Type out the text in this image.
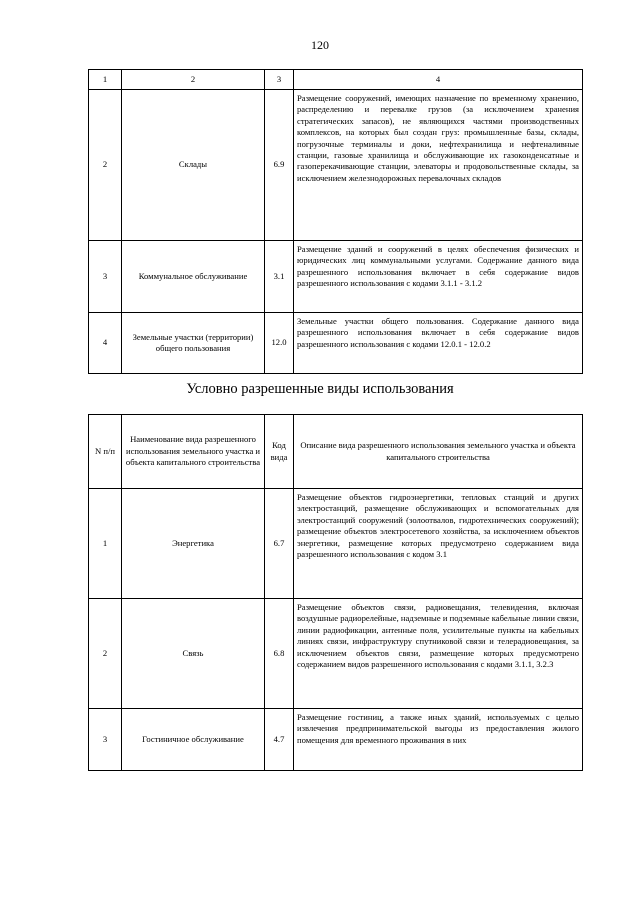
120
1	2	3	4
2	Склады	6.9	Размещение сооружений, имеющих назначение по временному хранению, распределению и перевалке грузов (за исключением хранения стратегических запасов), не являющихся частями производственных комплексов, на которых был создан груз: промышленные базы, склады, погрузочные терминалы и доки, нефтехранилища и нефтеналивные станции, газовые хранилища и обслуживающие их газоконденсатные и газоперекачивающие станции, элеваторы и продовольственные склады, за исключением железнодорожных перевалочных складов
3	Коммунальное обслуживание	3.1	Размещение зданий и сооружений в целях обеспечения физических и юридических лиц коммунальными услугами. Содержание данного вида разрешенного использования включает в себя содержание видов разрешенного использования с кодами 3.1.1 - 3.1.2
4	Земельные участки (территории) общего пользования	12.0	Земельные участки общего пользования. Содержание данного вида разрешенного использования включает в себя содержание видов разрешенного использования с кодами 12.0.1 - 12.0.2
Условно разрешенные виды использования
N п/п	Наименование вида разрешенного использования земельного участка и объекта капитального строительства	Код вида	Описание вида разрешенного использования земельного участка и объекта капитального строительства
1	Энергетика	6.7	Размещение объектов гидроэнергетики, тепловых станций и других электростанций, размещение обслуживающих и вспомогательных для электростанций сооружений (золоотвалов, гидротехнических сооружений); размещение объектов электросетевого хозяйства, за исключением объектов энергетики, размещение которых предусмотрено содержанием вида разрешенного использования с кодом 3.1
2	Связь	6.8	Размещение объектов связи, радиовещания, телевидения, включая воздушные радиорелейные, надземные и подземные кабельные линии связи, линии радиофикации, антенные поля, усилительные пункты на кабельных линиях связи, инфраструктуру спутниковой связи и телерадиовещания, за исключением объектов связи, размещение которых предусмотрено содержанием видов разрешенного использования с кодами 3.1.1, 3.2.3
3	Гостиничное обслуживание	4.7	Размещение гостиниц, а также иных зданий, используемых с целью извлечения предпринимательской выгоды из предоставления жилого помещения для временного проживания в них
